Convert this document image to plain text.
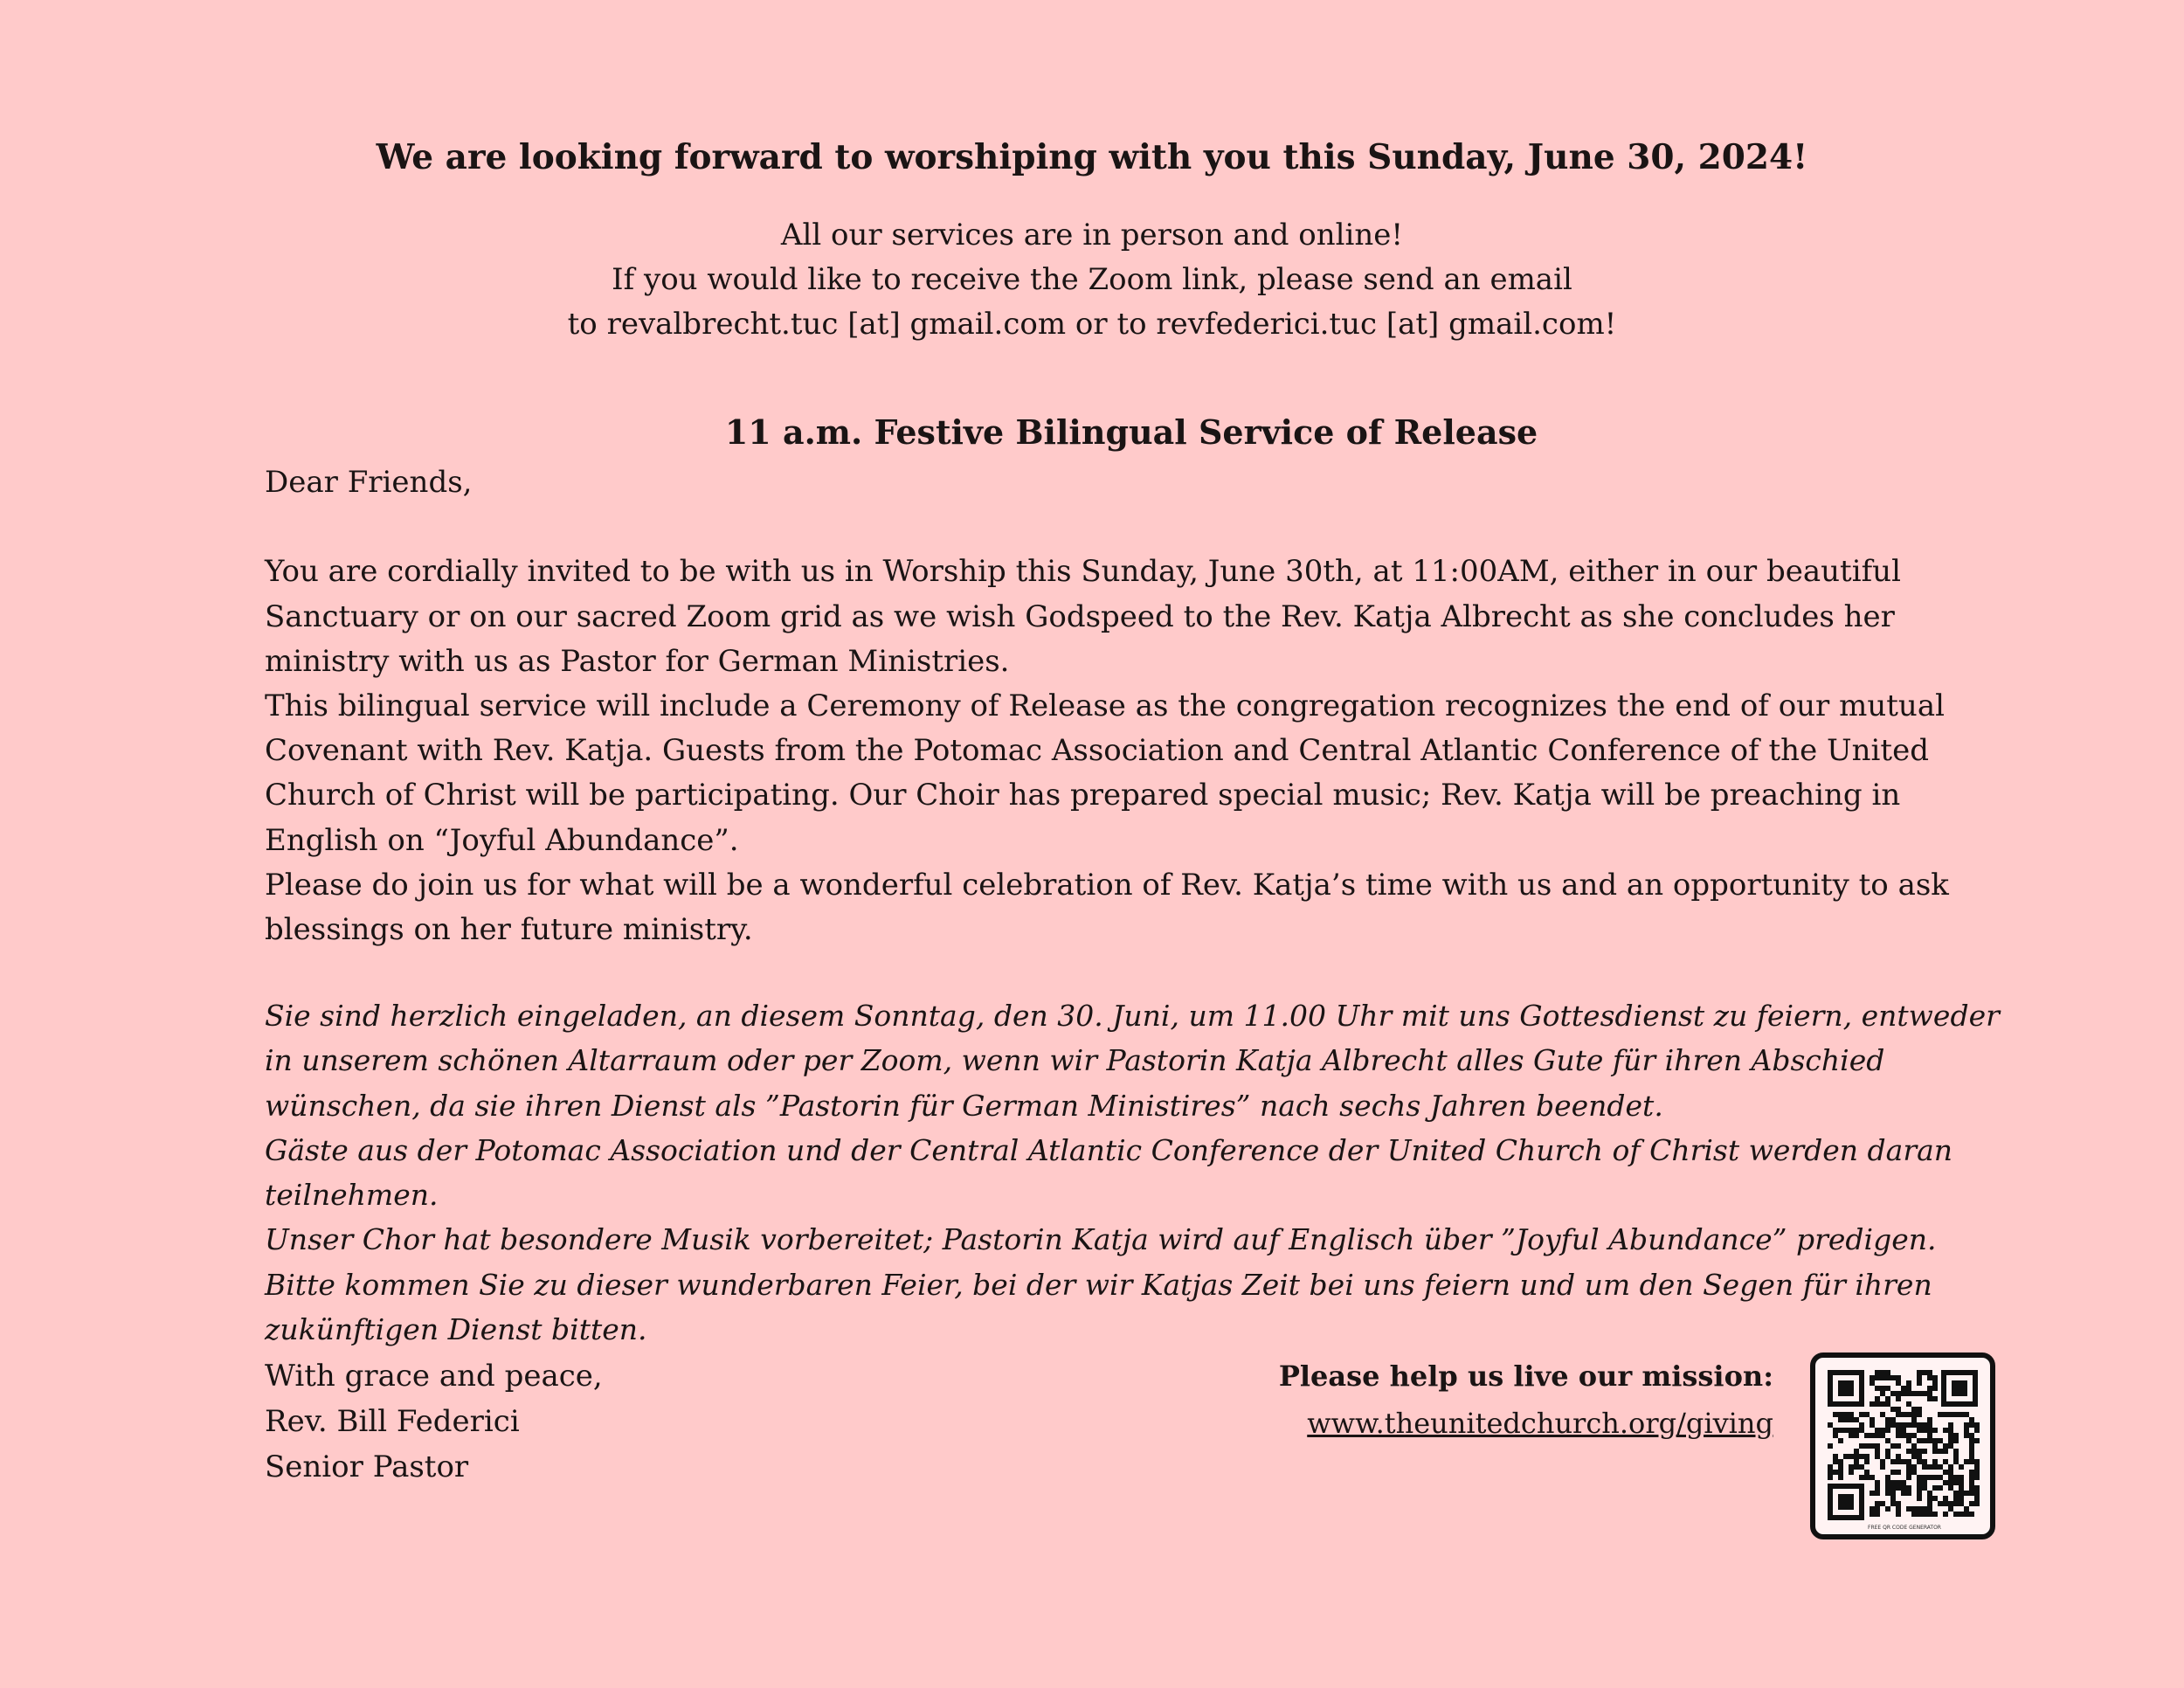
We are looking forward to worshiping with you this Sunday, June 30, 2024!
All our services are in person and online!
If you would like to receive the Zoom link, please send an email
to revalbrecht.tuc [at] gmail.com or to revfederici.tuc [at] gmail.com!
11 a.m. Festive Bilingual Service of Release

Dear Friends,

You are cordially invited to be with us in Worship this Sunday, June 30th, at 11:00AM, either in our beautiful Sanctuary or on our sacred Zoom grid as we wish Godspeed to the Rev. Katja Albrecht as she concludes her ministry with us as Pastor for German Ministries.

This bilingual service will include a Ceremony of Release as the congregation recognizes the end of our mutual Covenant with Rev. Katja. Guests from the Potomac Association and Central Atlantic Conference of the United Church of Christ will be participating. Our Choir has prepared special music; Rev. Katja will be preaching in English on “Joyful Abundance”.

Please do join us for what will be a wonderful celebration of Rev. Katja’s time with us and an opportunity to ask blessings on her future ministry.

Sie sind herzlich eingeladen, an diesem Sonntag, den 30. Juni, um 11.00 Uhr mit uns Gottesdienst zu feiern, entweder in unserem schönen Altarraum oder per Zoom, wenn wir Pastorin Katja Albrecht alles Gute für ihren Abschied wünschen, da sie ihren Dienst als ”Pastorin für German Ministires” nach sechs Jahren beendet.

Gäste aus der Potomac Association und der Central Atlantic Conference der United Church of Christ werden daran teilnehmen.

Unser Chor hat besondere Musik vorbereitet; Pastorin Katja wird auf Englisch über ”Joyful Abundance” predigen.

Bitte kommen Sie zu dieser wunderbaren Feier, bei der wir Katjas Zeit bei uns feiern und um den Segen für ihren zukünftigen Dienst bitten.

With grace and peace,
Rev. Bill Federici
Senior Pastor
Please help us live our mission:
www.theunitedchurch.org/giving
FREE QR CODE GENERATOR
